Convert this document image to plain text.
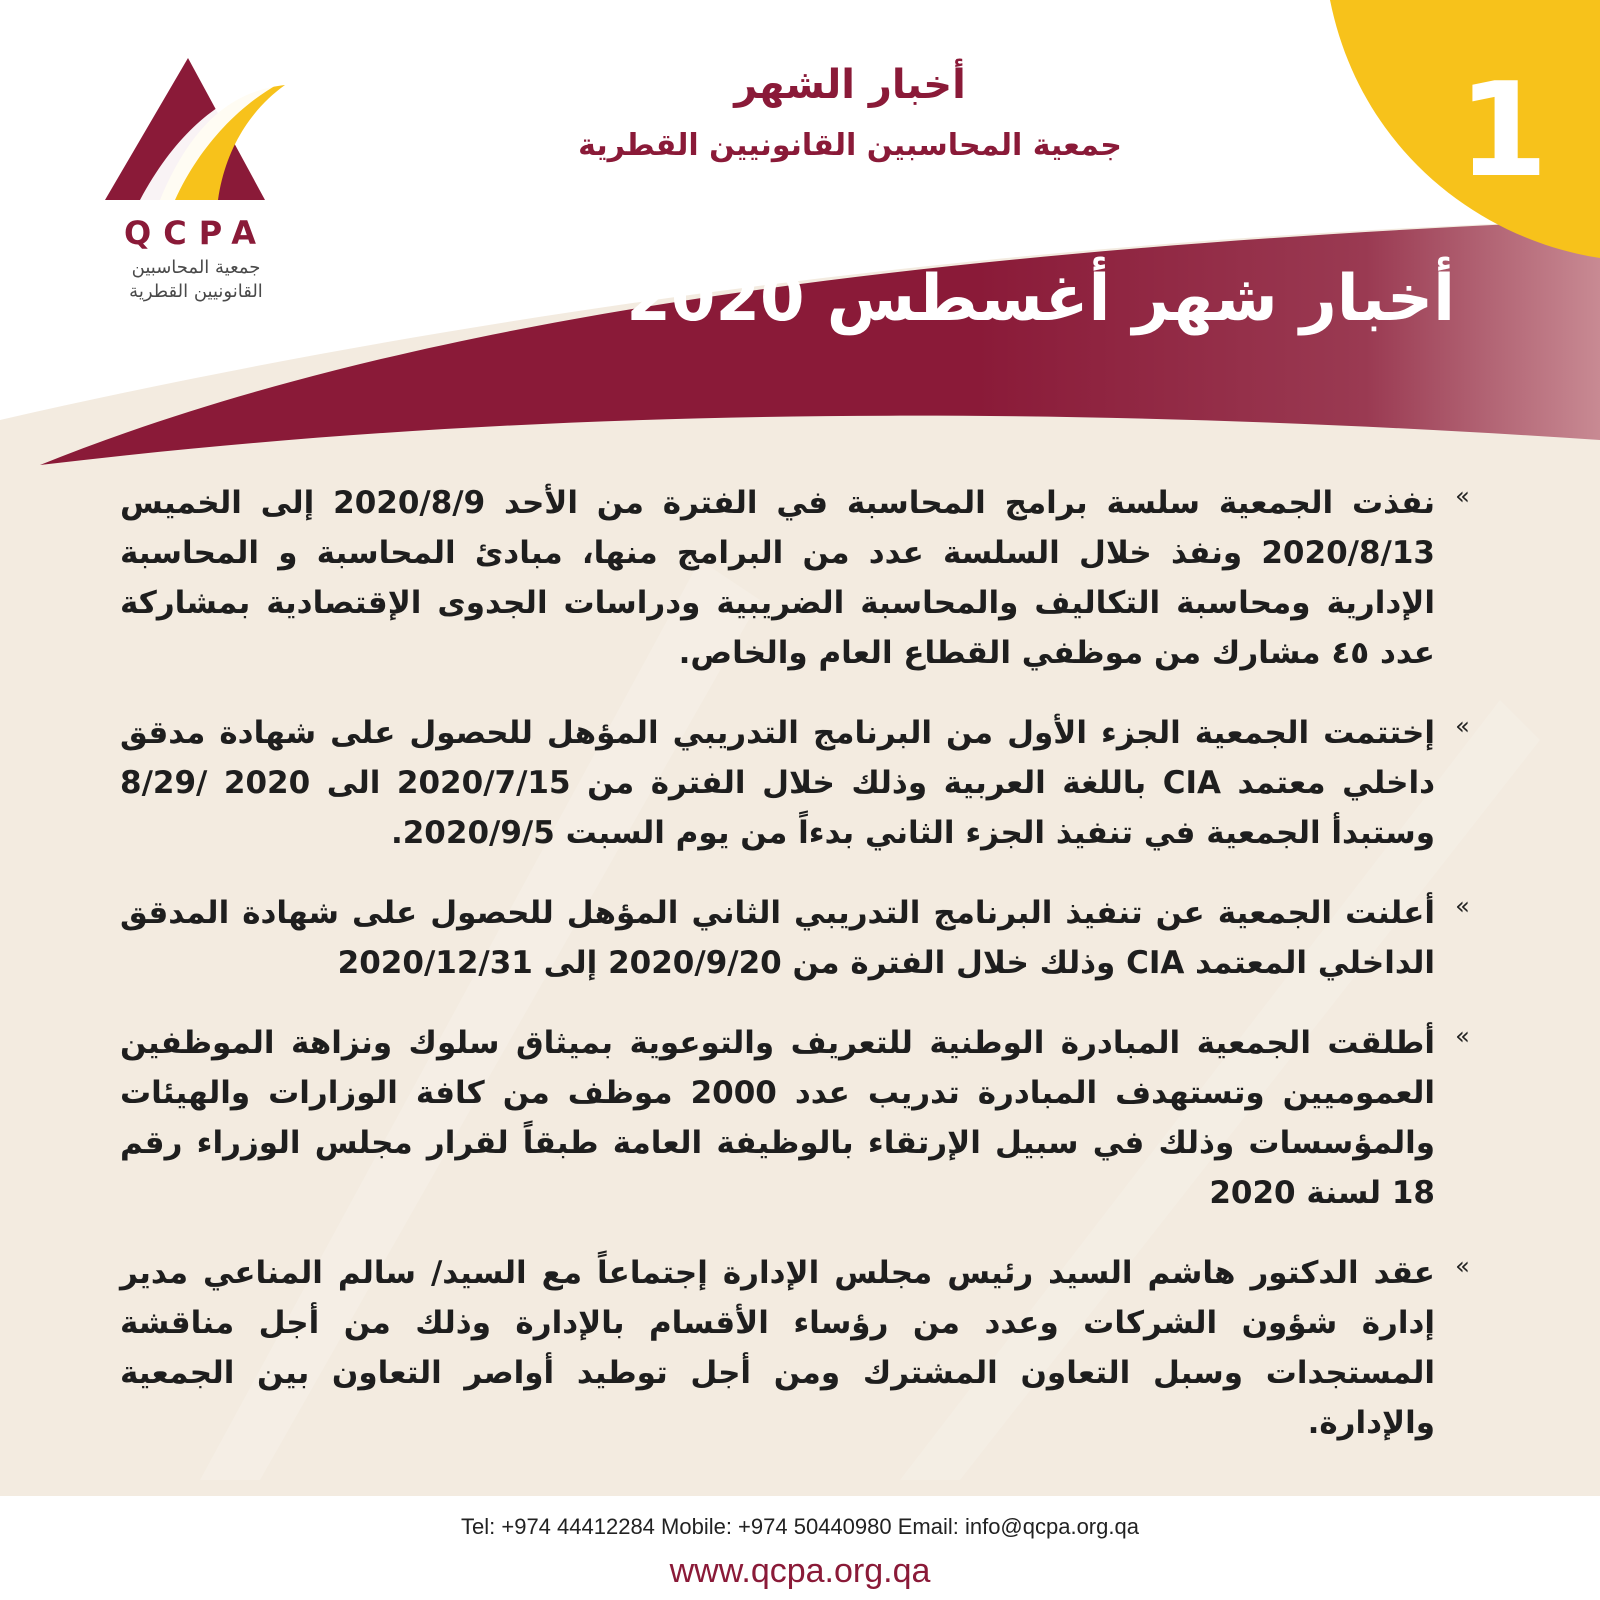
QCPA
جمعية المحاسبين
القانونيين القطرية
أخبار الشهر
جمعية المحاسبين القانونيين القطرية	1
أخبار شهر أغسطس 2020
»
نفذت الجمعية سلسة برامج المحاسبة في الفترة من الأحد 2020/8/9 إلى الخميس 2020/8/13 ونفذ خلال السلسة عدد من البرامج منها، مبادئ المحاسبة و المحاسبة الإدارية ومحاسبة التكاليف والمحاسبة الضريبية ودراسات الجدوى الإقتصادية بمشاركة عدد ٤٥ مشارك من موظفي القطاع العام والخاص.
»
إختتمت الجمعية الجزء الأول من البرنامج التدريبي المؤهل للحصول على شهادة مدقق داخلي معتمد CIA باللغة العربية وذلك خلال الفترة من 2020/7/15 الى 2020 /8/29 وستبدأ الجمعية في تنفيذ الجزء الثاني بدءاً من يوم السبت 2020/9/5.
»
أعلنت الجمعية عن تنفيذ البرنامج التدريبي الثاني المؤهل للحصول على شهادة المدقق الداخلي المعتمد CIA وذلك خلال الفترة من 2020/9/20 إلى 2020/12/31
»
أطلقت الجمعية المبادرة الوطنية للتعريف والتوعوية بميثاق سلوك ونزاهة الموظفين العموميين وتستهدف المبادرة تدريب عدد 2000 موظف من كافة الوزارات والهيئات والمؤسسات وذلك في سبيل الإرتقاء بالوظيفة العامة طبقاً لقرار مجلس الوزراء رقم 18 لسنة 2020
»
عقد الدكتور هاشم السيد رئيس مجلس الإدارة إجتماعاً مع السيد/ سالم المناعي مدير إدارة شؤون الشركات وعدد من رؤساء الأقسام بالإدارة وذلك من أجل مناقشة المستجدات وسبل التعاون المشترك ومن أجل توطيد أواصر التعاون بين الجمعية والإدارة.
Tel: +974 44412284 Mobile: +974 50440980 Email: info@qcpa.org.qa
www.qcpa.org.qa
